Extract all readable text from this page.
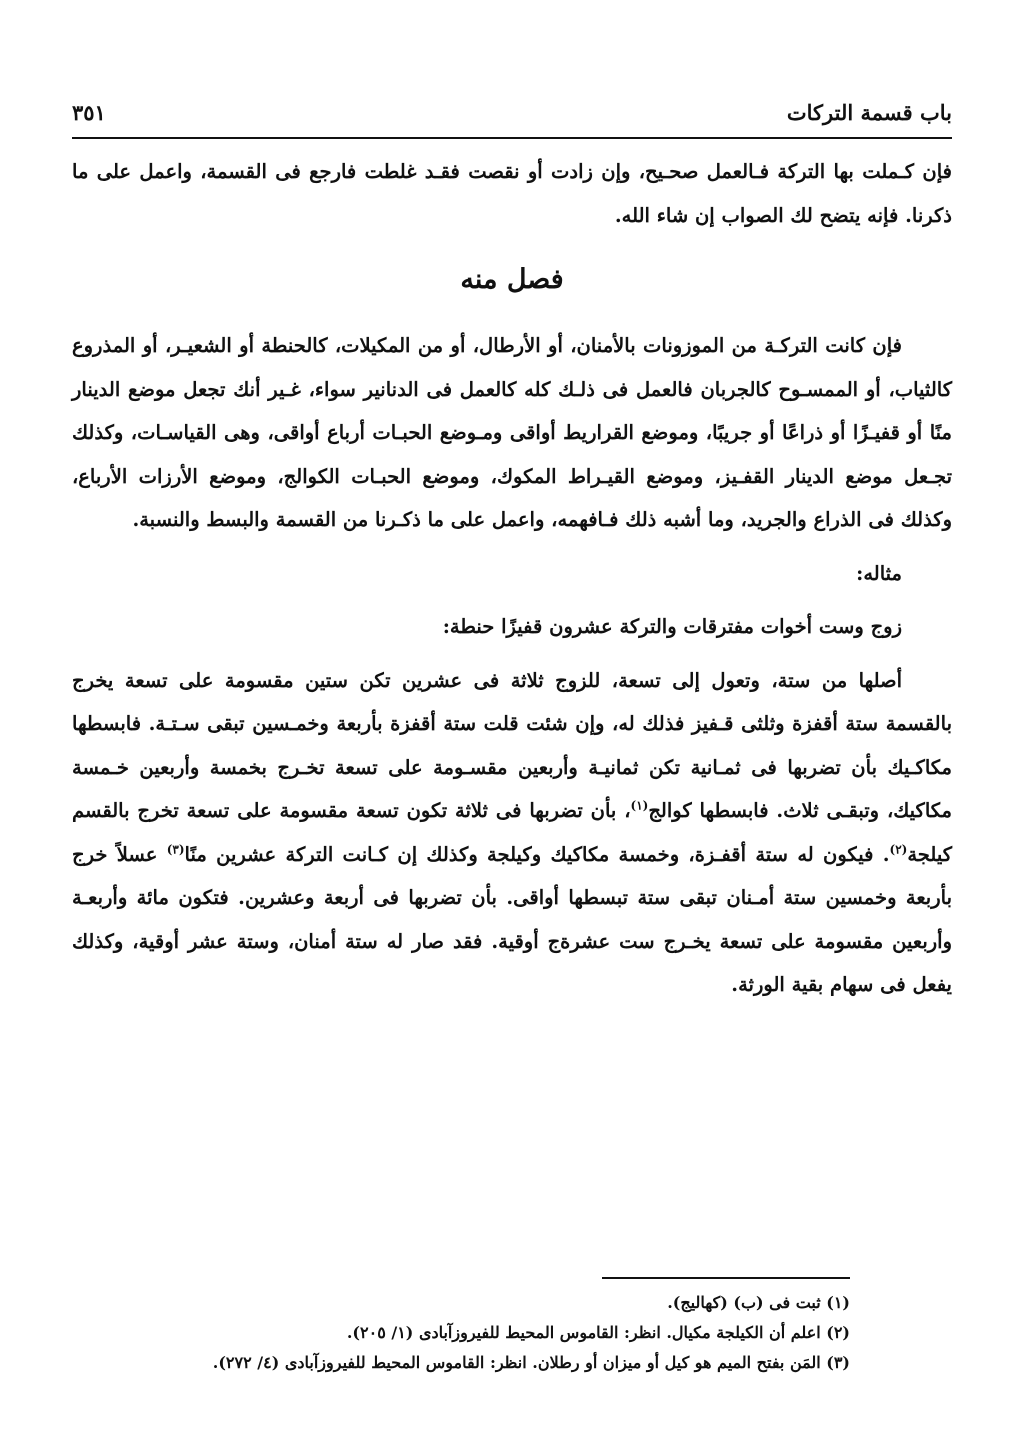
باب قسمة التركات
٣٥١

فإن كـملت بها التركة فـالعمل صحـيح، وإن زادت أو نقصت فقـد غلطت فارجع فى القسمة، واعمل على ما ذكرنا. فإنه يتضح لك الصواب إن شاء الله.

فصل منه

فإن كانت التركـة من الموزونات بالأمنان، أو الأرطال، أو من المكيلات، كالحنطة أو الشعيـر، أو المذروع كالثياب، أو الممسـوح كالجربان فالعمل فى ذلـك كله كالعمل فى الدنانير سواء، غـير أنك تجعل موضع الدينار منًا أو قفيـزًا أو ذراعًا أو جريبًا، وموضع القراريط أواقى ومـوضع الحبـات أرباع أواقى، وهى القياسـات، وكذلك تجـعل موضع الدينار القفـيز، وموضع القيـراط المكوك، وموضع الحبـات الكوالج، وموضع الأرزات الأرباع، وكذلك فى الذراع والجريد، وما أشبه ذلك فـافهمه، واعمل على ما ذكـرنا من القسمة والبسط والنسبة.

مثاله:

زوج وست أخوات مفترقات والتركة عشرون قفيزًا حنطة:

أصلها من ستة، وتعول إلى تسعة، للزوج ثلاثة فى عشرين تكن ستين مقسومة على تسعة يخرج بالقسمة ستة أقفزة وثلثى قـفيز فذلك له، وإن شئت قلت ستة أقفزة بأربعة وخمـسين تبقى سـتـة. فابسطها مكاكـيك بأن تضربها فى ثمـانية تكن ثمانيـة وأربعين مقسـومة على تسعة تخـرج بخمسة وأربعين خـمسة مكاكيك، وتبقـى ثلاث. فابسطها كوالج$^{(١)}$، بأن تضربها فى ثلاثة تكون تسعة مقسومة على تسعة تخرج بالقسم كيلجة$^{(٢)}$. فيكون له ستة أقفـزة، وخمسة مكاكيك وكيلجة وكذلك إن كـانت التركة عشرين منًا$^{(٣)}$ عسلاً خرج بأربعة وخمسين ستة أمـنان تبقى ستة تبسطها أواقى. بأن تضربها فى أربعة وعشرين. فتكون مائة وأربعـة وأربعين مقسومة على تسعة يخـرج ست عشرةج أوقية. فقد صار له ستة أمنان، وستة عشر أوقية، وكذلك يفعل فى سهام بقية الورثة.

(١) ثبت فى (ب) (كهاليج).

(٢) اعلم أن الكيلجة مكيال. انظر: القاموس المحيط للفيروزآبادى (١/ ٢٠٥).

(٣) المَن بفتح الميم هو كيل أو ميزان أو رطلان. انظر: القاموس المحيط للفيروزآبادى (٤/ ٢٧٢).
